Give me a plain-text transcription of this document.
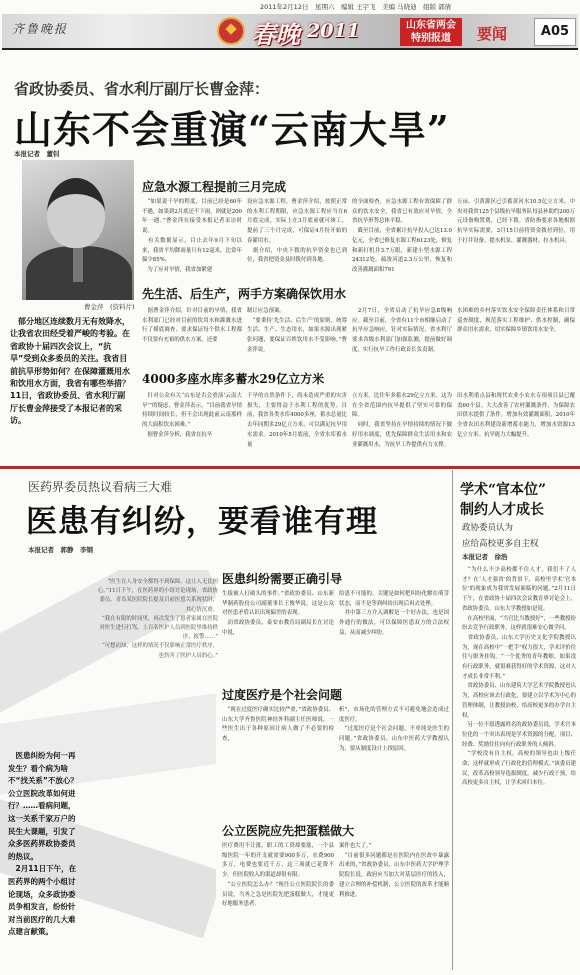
2011年2月12日　星期六　编辑 王宇飞　美编 马晓迪　组版 郭倩
齐鲁晚报	春晚 2011	山东省两会
特别报道	要闻	A05
省政协委员、省水利厅副厅长曹金萍：
山东不会重演“云南大旱”
本报记者　董钊
曹金萍　(资料片)
　郁分地区连续数月无有效降水，让我省农田经受着严峻的考验。在省政协十届四次会议上，“抗旱”受到众多委员的关注。我省目前抗旱形势如何？在保障灌溉用水和饮用水方面，我省有哪些举措？11日，省政协委员、省水利厅副厅长曹金萍接受了本报记者的采访。
应急水源工程提前三月完成
　“如果说干旱的程度，目前已经是60年不遇，如果到2月底还不下雨，则就是200年一遇。”曹金萍在接受本报记者采访时说。
　有关数据显示，目止去年9月下旬以来，我省平均降雨量只有12毫米，比常年偏少85%。
　为了应对旱情，我省加紧建
设应急水源工程，曹金萍介绍，按照正常的水利工程期限，应急水源工程应当在6月底完成，实际上在3月底前就可竣工，提前了三个月完成，可保证4月份开始的春灌用水。
　据介绍，中央下拨的抗旱资金也已到位，我省把资金及时拨付到各地。
的全面检查，应急水源工程有效保障了群众的饮水安全，我省已有效应对旱情，全省抗旱形势总体平稳。
　截至目前，全省累计抗旱投入已达13.0亿元，全省已修复水源工程6123处，修复和新打机井3.7万眼，新建小型水源工程24312处，疏浚河道2.3万公里，恢复和改善灌溉面积791
万亩，引黄灌区已引蓄黄河水10.5亿立方米。中央对我省125个县级抗旱服务队每县补助约200万元设备购置费，已经下拨。省防指要求各地根据抗旱实际需要，3月15日前将资金拨付到位，用于打井设备、提水机泵、灌溉器材、拉水机具。
先生活、后生产，两手方案确保饮用水
　据曹金萍介绍，针对目前的旱情，我省水利部门已经对目前的饮用水和灌溉水进行了摸底调查，要求保证每个供水工程都不仅要有充裕的供水方案，还要
制订应急预案。
　“要秉持‘先生活、后生产’的原则，统筹生活、生产、生态用水，如果水源出现紧张问题，要保证百姓饮用水不受影响。”曹金萍说。
　2月7日，全省启动了抗旱应急Ⅱ级响应。截至目前，全省有11个市相继启动了抗旱应急响应。针对实际情况，省水利厅要求各级水利部门加强监测，提前做好调度，实行抗旱工作行政首长负责制。
水困难的乡村落实饮水安全保障责任体系和日常巡查制度，规范落实工程维护、供水控制，确保群众用水需求，切实保障乡镇饮用水安全。
4000多座水库多蓄水29亿立方米
　针对公众有关“山东是否会重演‘云南大旱’”的疑虑，曹金萍表示，“目前我省旱情持续时间较长，但不会出现此前云南那样的大面积饮水困难。”
　据曹金萍分析，我省在抗旱
千旱的自然条件下，尚未造成严重的灾害损失，主要得益于水利工程的优势。目前，我省各类水库4000多座，蓄水总量比去年同期多29亿立方米，可以满足抗旱用水需求。2010年5月底前，全省水库蓄水量
立方米，比往年多蓄水29亿立方米。这为在全省范围内抗旱提供了坚实可靠的保障。
　同时，我省坚持在旱情持续的情况下做好用水调度，优先保障群众生活用水和农业灌溉用水，为抗旱工作提供有力支撑。
田水利重点县和现代农业小农水专项项目县已覆盖60个县。大大改善了农村灌溉条件，为保障农田供水提供了条件。增加有效灌溉面积，2010年全省农田水利建设新增蓄水能力，增加水资源13亿立方米。抗旱能力大幅提升。
医药界委员热议看病三大难
医患有纠纷，要看谁有理
本报记者　郭静　李钢
学术“官本位”
制约人才成长
政协委员认为
应给高校更多自主权
本报记者　徐浩
　“为什么不少高校都不住人才，我们不了人才？在‘人才强省’的背景下，高校里学术‘官本位’的现象成为我省发展面临的问题。”2月11日下午，在省政协十届四次会议教育界讨论会上，省政协委员、山东大学教授如是说。
　在高校里面，“当官比当教授好”，一些教授纷纷去竞争行政职务，这样就很难安心做学问。
　省政协委员、山东大学历史文化学院教授认为，现在高校中“一把手”权力很大，学术评价往往与职务挂钩。“一个优秀的青年教师，如果没有行政职务，就很难获得好的学术资源，这对人才成长非常不利。”
　省政协委员、山东建筑大学艺术学院教授也认为，高校应该去行政化，要建立以学术为中心的管理体制，让教授治校，给高校更多的办学自主权。
　另一位不愿透露姓名的政协委员说，学术官本位化的一个突出表现是学术资源的分配，项目、经费、奖励往往向有行政职务的人倾斜。
　“学校没有自主权，高校的领导也由上级任命，这样就形成了行政化的管理模式。”该委员建议，改革高校领导选拔制度，减少行政干预，给高校更多自主权，让学术回归本位。
　医患纠纷为何一再发生？看个病为啥不“找关系”不放心？公立医院改革如何进行？……看病问题，这一关系千家万户的民生大课题，引发了众多医药界政协委员的热议。
　2月11日下午，在医药界的两个小组讨论现场，众多政协委员争相发言，纷纷针对当前医疗的几大难点建言献策。
　“医生在人身安全都得不到保障，这让人无比担心。”11日下午，在医药界的小组讨论现场，省政协委员、青岛某医院院长提及目前医患关系现状时，其心情沉重。
　“我在有限的时间里，再次发生了患者家属在医院对医生进行打骂，上百名医护人员到医院里维持秩序、报警……”
　“可想而知，这样的情况不仅影响正常医疗秩序，也伤害了医护人员的心。”
医患纠纷需要正确引导
生拔被人打破头的事件，”省政协委员、山东新华制药股份公司副董事长王俊华说，这是公众对医患矛盾认识出现偏差的表现。
　而省政协委员、泰安市教育局副局长在讨论中说，
给患不可能的。关键是如何把纠纷化解在萌芽状态，而不是等到纠纷出现后再去处理。
　其中第三方介入调解是一个好办法，也是国外通行的做法，可以保障医患双方的合法权益，从而减少纠纷。
过度医疗是个社会问题
　“现在过度医疗确实比较严重，”省政协委员、山东大学齐鲁医院神经外科副主任医师说，一些医生出于各种原因让病人做了不必要的检查，
析”，市场化的管理方式不可避免地会造成过度医疗。
　“过度医疗是个社会问题，不单纯是医生的问题。”省政协委员、山东中医药大学教授认为，要从制度设计上找原因。
公立医院应先把蛋糕做大
医疗费用不让涨，职工的工资却要涨，一个县级医院一年的开支就需要900多万，水费900多万，电费也要近千万，这三项就已花费不少。但医院收入的渠道却很有限。
　“公立医院怎么办？”现任公立医院院长的委员说，当务之急是医院先把蛋糕做大，才能更好地服务患者。
案件也大了。”
　“目前很多问题都是在医院内在医改中暴露出来的，”省政协委员、山东中医药大学护理学院院长说，政府应当加大对基层医疗的投入，建立合理的补偿机制，公立医院的改革才能顺利推进。
